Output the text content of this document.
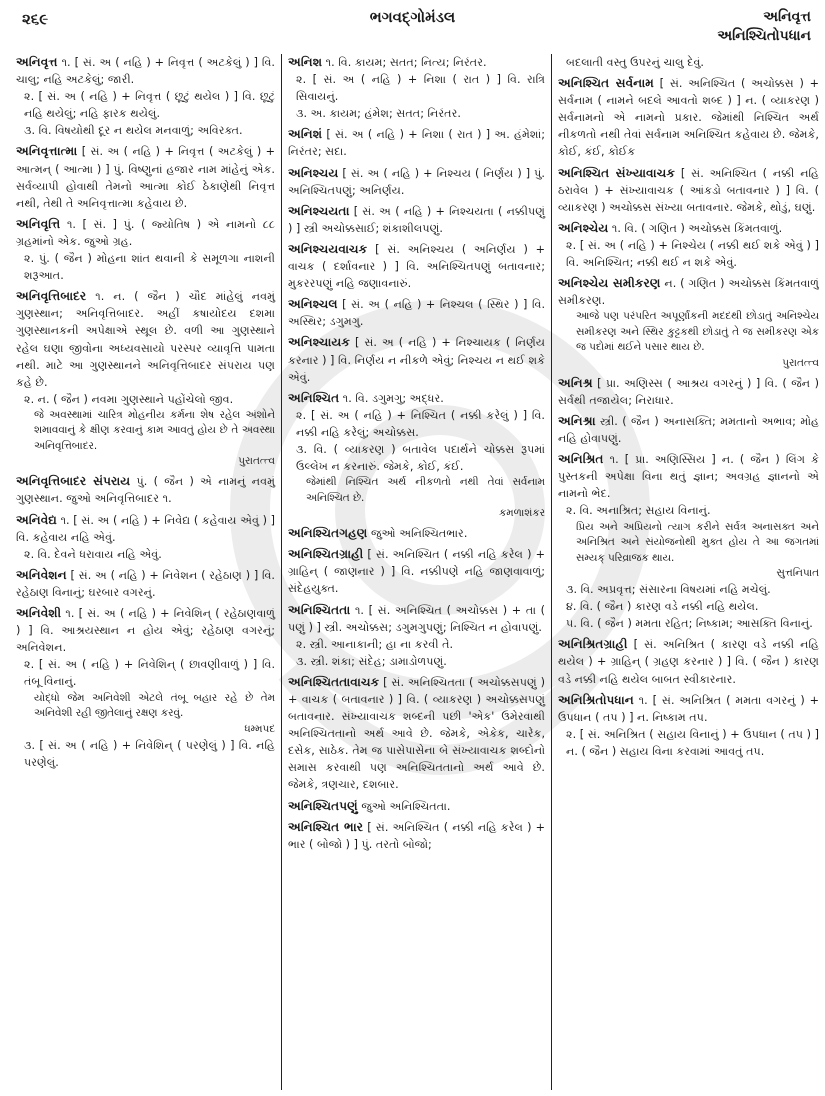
૨૬૯	ભગવદ્ગોમંડલ	અનિવૃત્ત
અનિશ્ચિતોપધાન
અનિવૃત્ત ૧. [ સં. અ ( નહિ ) + નિવૃત્ત ( અટકેલું ) ] વિ. ચાલુ; નહિ અટકેલું; જારી.
૨. [ સં. અ ( નહિ ) + નિવૃત્ત ( છૂટું થયેલ ) ] વિ. છૂટું નહિ થયેલું; નહિ ફારક થયેલું.
૩. વિ. વિષયોથી દૂર ન થયેલ મનવાળું; અવિરક્ત.
અનિવૃત્તાત્મા [ સં. અ ( નહિ ) + નિવૃત્ત ( અટકેલું ) + આત્મન્ ( આત્મા ) ] પું. વિષ્ણુનાં હજાર નામ માંહેનું એક. સર્વવ્યાપી હોવાથી તેમનો આત્મા કોઈ ઠેકાણેથી નિવૃત્ત નથી, તેથી તે અનિવૃત્તાત્મા કહેવાય છે.
અનિવૃત્તિ ૧. [ સં. ] પું. ( જ્યોતિષ ) એ નામનો ૮૮ ગ્રહમાંનો એક. જુઓ ગ્રહ.
૨. પું. ( જૈન ) મોહના શાંત થવાની કે સમૂળગા નાશની શરૂઆત.
અનિવૃત્તિબાદર ૧. ન. ( જૈન ) ચૌદ માંહેલું નવમું ગુણસ્થાન; અનિવૃત્તિબાદર. અહીં કષાયોદય દશમા ગુણસ્થાનકની અપેક્ષાએ સ્થૂલ છે. વળી આ ગુણસ્થાને રહેલ ઘણા જીવોના અધ્યવસાયો પરસ્પર વ્યાવૃત્તિ પામતા નથી. માટે આ ગુણસ્થાનને અનિવૃત્તિબાદર સંપરાય પણ કહે છે.
૨. ન. ( જૈન ) નવમા ગુણસ્થાને પહોંચેલો જીવ.
જે અવસ્થામાં ચારિત્ર મોહનીય કર્મના શેષ રહેલ અંશોને શમાવવાનું કે ક્ષીણ કરવાનું કામ આવતું હોય છે તે અવસ્થા અનિવૃત્તિબાદર.
પુરાતત્ત્વ
અનિવૃત્તિબાદર સંપરાય પું. ( જૈન ) એ નામનું નવમું ગુણસ્થાન. જુઓ અનિવૃત્તિબાદર ૧.
અનિવેદ્ય ૧. [ સં. અ ( નહિ ) + નિવેદ્ય ( કહેવાય એવું ) ] વિ. કહેવાય નહિ એવું.
૨. વિ. દેવને ધરાવાય નહિ એવું.
અનિવેશન [ સં. અ ( નહિ ) + નિવેશન ( રહેઠાણ ) ] વિ. રહેઠાણ વિનાનું; ઘરબાર વગરનું.
અનિવેશી ૧. [ સં. અ ( નહિ ) + નિવેશિન્ ( રહેઠાણવાળું ) ] વિ. આશ્રયસ્થાન ન હોય એવું; રહેઠાણ વગરનું; અનિવેશન.
૨. [ સં. અ ( નહિ ) + નિવેશિન્ ( છાવણીવાળું ) ] વિ. તંબૂ વિનાનું.
યોદ્ધો જેમ અનિવેશી એટલે તંબૂ બહાર રહે છે તેમ અનિવેશી રહી જીતેલાનું રક્ષણ કરવું.
ધમ્મપદ
૩. [ સં. અ ( નહિ ) + નિવેશિન્ ( પરણેલું ) ] વિ. નહિ પરણેલું.
અનિશ ૧. વિ. કાયમ; સતત; નિત્ય; નિરંતર.
૨. [ સં. અ ( નહિ ) + નિશા ( રાત ) ] વિ. રાત્રિ સિવાયનું.
૩. અ. કાયમ; હંમેશ; સતત; નિરંતર.
અનિશં [ સં. અ ( નહિ ) + નિશા ( રાત ) ] અ. હંમેશાં; નિરંતર; સદા.
અનિશ્ચય [ સં. અ ( નહિ ) + નિશ્ચય ( નિર્ણય ) ] પું. અનિશ્ચિતપણું; અનિર્ણય.
અનિશ્ચયતા [ સં. અ ( નહિ ) + નિશ્ચયતા ( નક્કીપણું ) ] સ્ત્રી અચોક્કસાઈ; શંકાશીલપણું.
અનિશ્ચયવાચક [ સં. અનિશ્ચય ( અનિર્ણય ) + વાચક ( દર્શાવનાર ) ] વિ. અનિશ્ચિતપણું બતાવનાર; મુકરરપણું નહિ જણાવનારું.
અનિશ્ચલ [ સં. અ ( નહિ ) + નિશ્ચલ ( સ્થિર ) ] વિ. અસ્થિર; ડગુમગુ.
અનિશ્ચાયક [ સં. અ ( નહિ ) + નિશ્ચાયક ( નિર્ણય કરનાર ) ] વિ. નિર્ણય ન નીકળે એવું; નિશ્ચય ન થઈ શકે એવું.
અનિશ્ચિત ૧. વિ. ડગુમગુ; અદ્ધર.
૨. [ સં. અ ( નહિ ) + નિશ્ચિત ( નક્કી કરેલું ) ] વિ. નક્કી નહિ કરેલું; અચોક્કસ.
૩. વિ. ( વ્યાકરણ ) બતાવેલ પદાર્થને ચોક્કસ રૂપમાં ઉલ્લેખ ન કરનારું. જેમકે, કોઈ, કંઈ.
જેમાંથી નિશ્ચિત અર્થ નીકળતો નથી તેવાં સર્વનામ અનિશ્ચિત છે.
કમળાશંકર
અનિશ્ચિતગહણ જુઓ અનિશ્ચિતભાર.
અનિશ્ચિતગ્રાહી [ સં. અનિશ્ચિત ( નક્કી નહિ કરેલ ) + ગ્રાહિન્ ( જાણનાર ) ] વિ. નક્કીપણે નહિ જાણવાવાળું; સંદેહયુક્ત.
અનિશ્ચિતતા ૧. [ સં. અનિશ્ચિત ( અચોક્કસ ) + તા ( પણું ) ] સ્ત્રી. અચોક્કસ; ડગુમગુપણું; નિશ્ચિત ન હોવાપણું.
૨. સ્ત્રી. આનાકાની; હા ના કરવી તે.
૩. સ્ત્રી. શંકા; સંદેહ; ડામાડોળપણું.
અનિશ્ચિતતાવાચક [ સં. અનિશ્ચિતતા ( અચોક્કસપણું ) + વાચક ( બતાવનાર ) ] વિ. ( વ્યાકરણ ) અચોક્કસપણું બતાવનાર. સંખ્યાવાચક શબ્દની પછી 'એક' ઉમેરવાથી અનિશ્ચિતતાનો અર્થ આવે છે. જેમકે, એકેક, ચારેક, દસેક, સાઠેક. તેમ જ પાસેપાસેના બે સંખ્યાવાચક શબ્દોનો સમાસ કરવાથી પણ અનિશ્ચિતતાનો અર્થ આવે છે. જેમકે, ત્રણચાર, દશબાર.
અનિશ્ચિતપણું જુઓ અનિશ્ચિતતા.
અનિશ્ચિત ભાર [ સં. અનિશ્ચિત ( નક્કી નહિ કરેલ ) + ભાર ( બોજો ) ] પું. તરતો બોજો;
બદલાતી વસ્તુ ઉપરનું ચાલુ દેવું.
અનિશ્ચિત સર્વનામ [ સં. અનિશ્ચિત ( અચોક્કસ ) + સર્વનામ ( નામને બદલે આવતો શબ્દ ) ] ન. ( વ્યાકરણ ) સર્વનામનો એ નામનો પ્રકાર. જેમાંથી નિશ્ચિત અર્થ નીકળતો નથી તેવાં સર્વનામ અનિશ્ચિત કહેવાય છે. જેમકે, કોઈ, કંઈ, કોઈક
અનિશ્ચિત સંખ્યાવાચક [ સં. અનિશ્ચિત ( નક્કી નહિ ઠરાવેલ ) + સંખ્યાવાચક ( આંકડો બતાવનાર ) ] વિ. ( વ્યાકરણ ) અચોક્કસ સંખ્યા બતાવનાર. જેમકે, થોડું, ઘણું.
અનિશ્ચેય ૧. વિ. ( ગણિત ) અચોક્કસ કિંમતવાળું.
૨. [ સં. અ ( નહિ ) + નિશ્ચેય ( નક્કી થઈ શકે એવું ) ] વિ. અનિશ્ચિત; નક્કી થઈ ન શકે એવું.
અનિશ્ચેય સમીકરણ ન. ( ગણિત ) અચોક્કસ કિંમતવાળું સમીકરણ.
આજે પણ પરંપરિત અપૂર્ણાંકની મદદથી છોડાતું અનિશ્ચેય સમીકરણ અને સ્થિર કુટ્ટકથી છોડાતું તે જ સમીકરણ એક જ પદોમાં થઈને પસાર થાય છે.
પુરાતત્ત્વ
અનિશ્ર [ પ્રા. અણિસ્સ ( આશ્રય વગરનું ) ] વિ. ( જૈન ) સર્વથી તજાયેલ; નિરાધાર.
અનિશ્રા સ્ત્રી. ( જૈન ) અનાસક્તિ; મમતાનો અભાવ; મોહ નહિ હોવાપણું.
અનિશ્રિત ૧. [ પ્રા. અણિસ્સિય ] ન. ( જૈન ) લિંગ કે પુસ્તકની અપેક્ષા વિના થતું જ્ઞાન; અવગ્રહ જ્ઞાનનો એ નામનો ભેદ.
૨. વિ. અનાશ્રિત; સહાય વિનાનું.
પ્રિય અને અપ્રિયનો ત્યાગ કરીને સર્વત્ર અનાસક્ત અને અનિશ્રિત અને સંયોજનોથી મુક્ત હોય તે આ જગતમાં સમ્યક્ પરિવ્રાજક થાય.
સુત્તનિપાત
૩. વિ. અપ્રવૃત્ત; સંસારના વિષયમાં નહિ મચેલું.
૪. વિ. ( જૈન ) કારણ વડે નક્કી નહિ થયેલ.
૫. વિ. ( જૈન ) મમતા રહિત; નિષ્કામ; આસક્તિ વિનાનું.
અનિશ્રિતગ્રાહી [ સં. અનિશ્રિત ( કારણ વડે નક્કી નહિ થયેલ ) + ગ્રાહિન્ ( ગ્રહણ કરનાર ) ] વિ. ( જૈન ) કારણ વડે નક્કી નહિ થયેલ બાબત સ્વીકારનાર.
અનિશ્રિતોપધાન ૧. [ સં. અનિશ્રિત ( મમતા વગરનું ) + ઉપધાન ( તપ ) ] ન. નિષ્કામ તપ.
૨. [ સં. અનિશ્રિત ( સહાય વિનાનું ) + ઉપધાન ( તપ ) ] ન. ( જૈન ) સહાય વિના કરવામાં આવતું તપ.
